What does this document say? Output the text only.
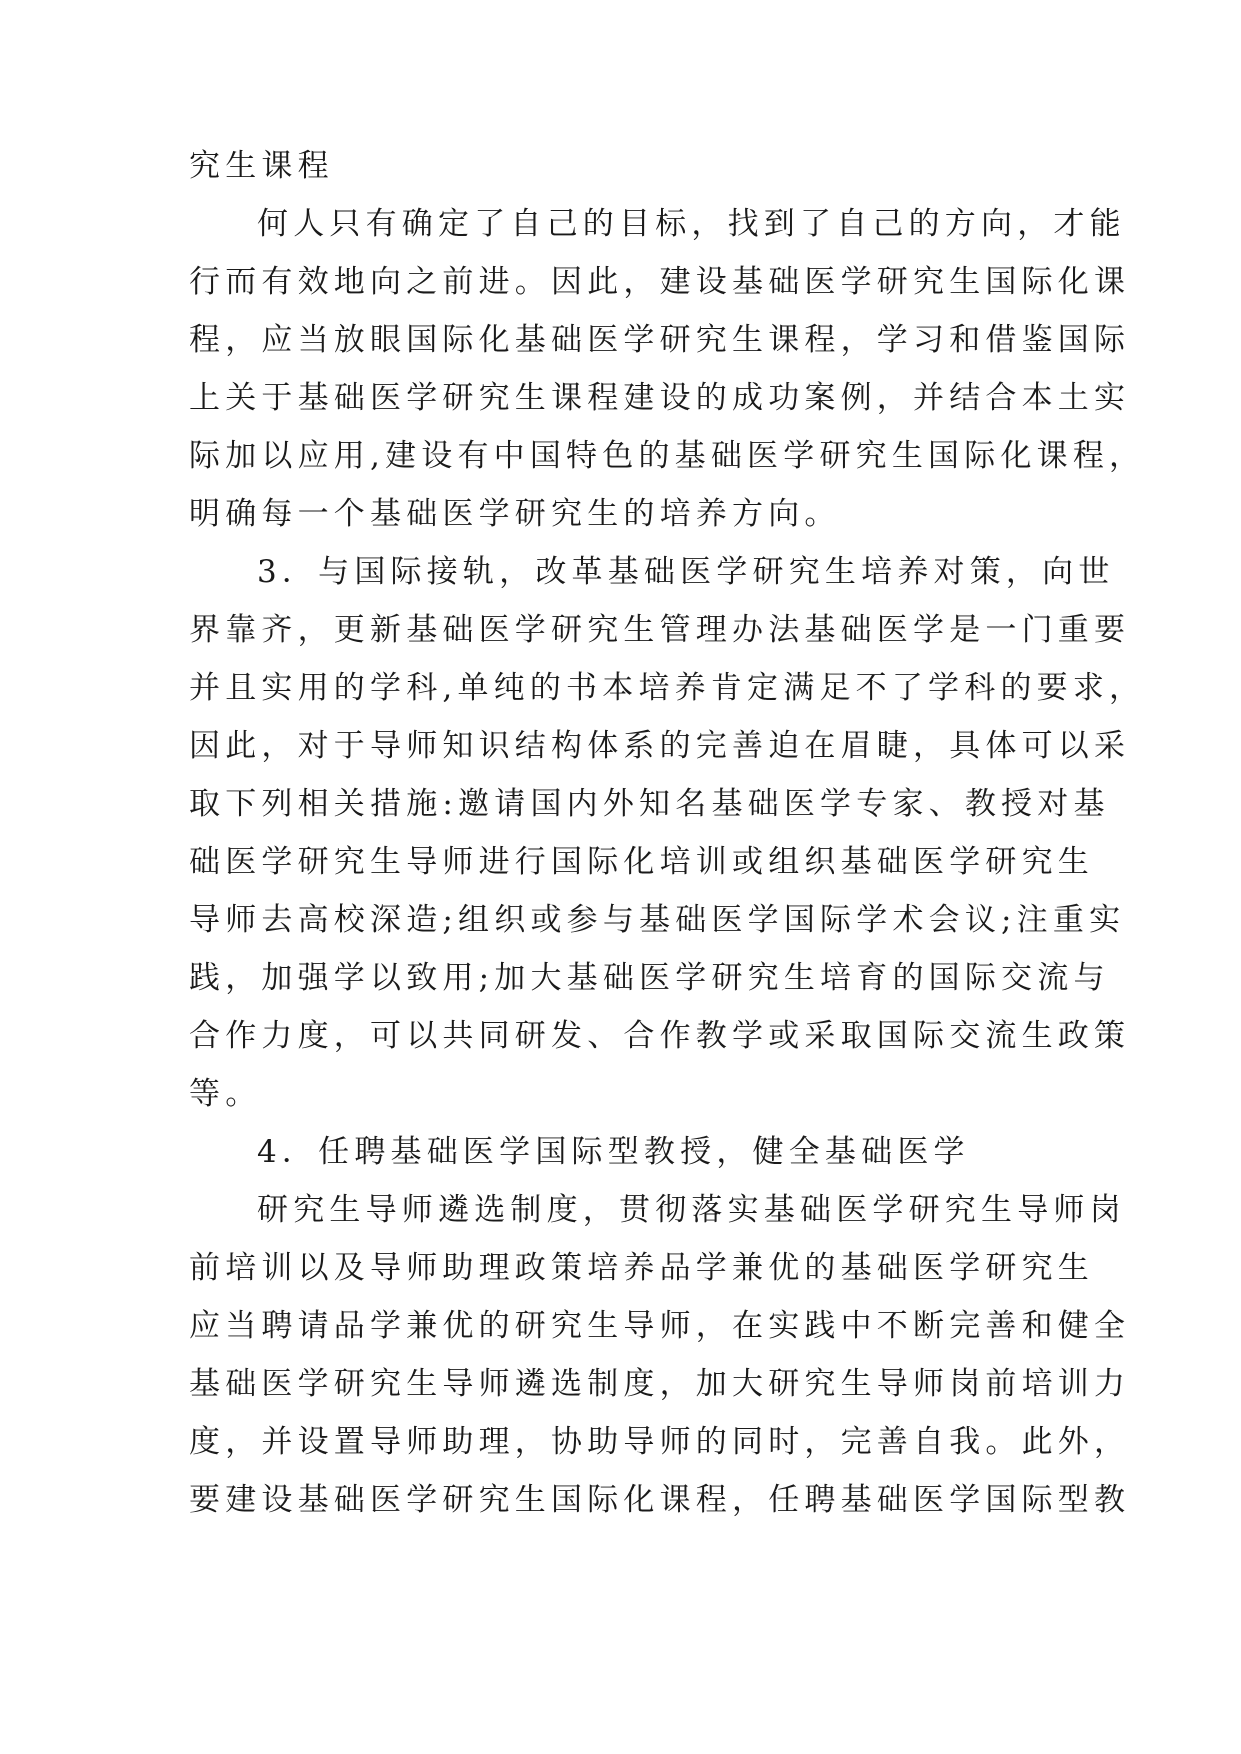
究生课程
何人只有确定了自己的目标，找到了自己的方向，才能
行而有效地向之前进。因此，建设基础医学研究生国际化课
程，应当放眼国际化基础医学研究生课程，学习和借鉴国际
上关于基础医学研究生课程建设的成功案例，并结合本土实
际加以应用,建设有中国特色的基础医学研究生国际化课程，
明确每一个基础医学研究生的培养方向。
3．与国际接轨，改革基础医学研究生培养对策，向世
界靠齐，更新基础医学研究生管理办法基础医学是一门重要
并且实用的学科,单纯的书本培养肯定满足不了学科的要求，
因此，对于导师知识结构体系的完善迫在眉睫，具体可以采
取下列相关措施:邀请国内外知名基础医学专家、教授对基
础医学研究生导师进行国际化培训或组织基础医学研究生
导师去高校深造;组织或参与基础医学国际学术会议;注重实
践，加强学以致用;加大基础医学研究生培育的国际交流与
合作力度，可以共同研发、合作教学或采取国际交流生政策
等。
4．任聘基础医学国际型教授，健全基础医学
研究生导师遴选制度，贯彻落实基础医学研究生导师岗
前培训以及导师助理政策培养品学兼优的基础医学研究生
应当聘请品学兼优的研究生导师，在实践中不断完善和健全
基础医学研究生导师遴选制度，加大研究生导师岗前培训力
度，并设置导师助理，协助导师的同时，完善自我。此外，
要建设基础医学研究生国际化课程，任聘基础医学国际型教
